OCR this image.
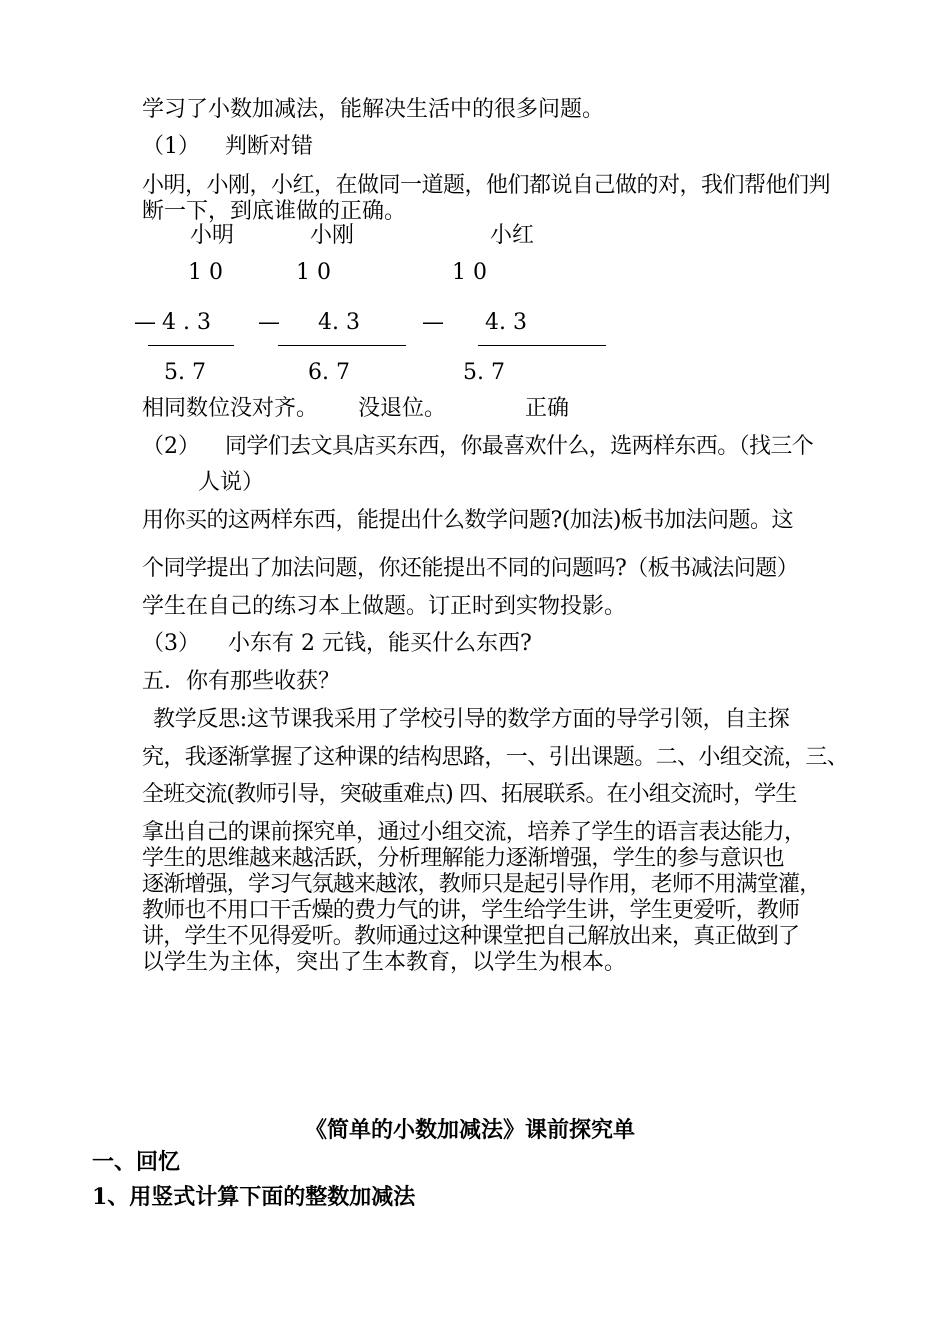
学习了小数加减法，能解决生活中的很多问题。
（1） 判断对错
小明，小刚，小红，在做同一道题，他们都说自己做的对，我们帮他们判
断一下，到底谁做的正确。
小明	小刚	小红
1 0	1 0	1 0
— 4 . 3 — 4. 3	— 4. 3
5. 7	6. 7	5. 7
相同数位没对齐。 没退位。	正确
（2） 同学们去文具店买东西，你最喜欢什么，选两样东西。（找三个
人说）
用你买的这两样东西，能提出什么数学问题?(加法)板书加法问题。这
个同学提出了加法问题，你还能提出不同的问题吗?（板书减法问题）
学生在自己的练习本上做题。订正时到实物投影。
（3） 小东有 2 元钱，能买什么东西?
五．你有那些收获？
教学反思:这节课我采用了学校引导的数学方面的导学引领，自主探
究，我逐渐掌握了这种课的结构思路，一、引出课题。二、小组交流，三、
全班交流(教师引导，突破重难点) 四、拓展联系。在小组交流时，学生
拿出自己的课前探究单，通过小组交流，培养了学生的语言表达能力，
学生的思维越来越活跃，分析理解能力逐渐增强，学生的参与意识也
逐渐增强，学习气氛越来越浓，教师只是起引导作用，老师不用满堂灌，
教师也不用口干舌燥的费力气的讲，学生给学生讲，学生更爱听，教师
讲，学生不见得爱听。教师通过这种课堂把自己解放出来，真正做到了
以学生为主体，突出了生本教育，以学生为根本。
《简单的小数加减法》课前探究单
一、回忆
1、用竖式计算下面的整数加减法
